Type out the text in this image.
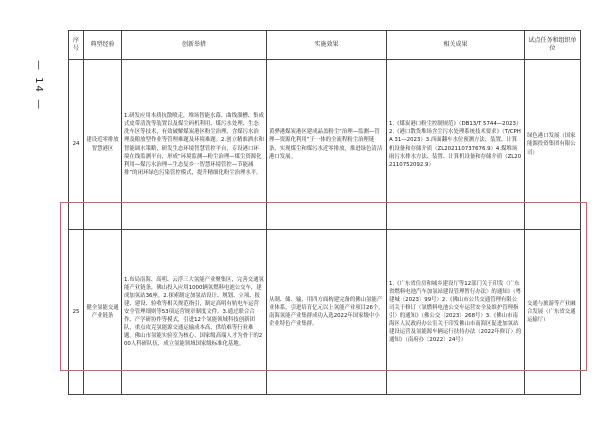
— 14 —
序号	典型经验	创新举措	实施效果	相关成果	试点任务和组织单位
24	建设近零排放智慧港区	1.研发应用本质抗散喷走，堆场智能水幕、曲线溜槽、集成式皮带清洗等装置以及煤尘码机利用、煤污水处理、生态洗车区等技术，有效破解煤炭港区粉尘治理、含煤污水治理及粮放型作业等管理难题及环境难题。2.创立精准洒水和智能调水策略，研发生态环境智慧管控平台，专设港口环境在线监测平台，形成“环境监测—粉尘治理—煤尘资源化利用—煤污水治理—生态复乡一智慧环境管控—节能减排”的闭环绿色污染管控模式，提升精细化粉尘治理水平。	黄骅港煤炭港区建成晶盖粉尘“治理—监测—管理—资源化利用”于一体的全流程粉尘治理链条，实现煤尘和煤污水近零排放，推进绿色清洁港口发展。	1.《煤炭港口粉尘控制规范》（DB13/T 5744—2023）2.《港口散货堆场含尘污水处理系统技术要求》（T/CPHA 31—2023）3.西面翻车水位预测方法、装置、计算机设备和存储介质（ZL202110737676.9）4.煤堆场雨污水排水方法、装置、计算机设备和存储介质（ZL202110752092.9）	绿色港口发展（国家能源投资集团有限公司）
25	健全氢能交通产业链条	1.布局南海、高明、云浮三大氢能产业聚集区，完善交通氢能产业链条，佛山投入应用1000辆氢燃料电池公交车，建成加氢站36座。2.探索制定加氢站设计、规划、立项、报建、建设、验收等相关规范指引，制定高明有轨电车运营安全管理细则等53项运营规章制度文件。3.通过联合合作、产学研协作等模式，引进12个氢能领域科技创新团队，重点攻克氢能源交通运输成本高、供给难等行业难题。佛山市氢能实验室为核心、国家级高端人才为骨干的200人科研队伍，成立氢能领域国家级标准化基地。	从制、储、输、用四方面构建完备的佛山氢能产业体系，引进培育亿元以上氢能产业项目26个，南海氢能产业集群成功入选2022年国家级中小企业特色产业集群。	1.《广东省住房和城乡建设厅等12部门关于印发〈广东省燃料电池汽车加氢站建设管理暂行办法〉的通知》（粤建城〔2023〕99号）2.《佛山市公共交通管理有限公司关于修订〈氢燃料电池公交车运营安全及维护管理指引〉的通知》（佛公交〔2023〕268号）3.《佛山市南海区人民政府办公室关于印发佛山市南海区促进加氢站建设运营及氢能源车辆运行扶持办法（2022年修订）的通知》（南府办〔2022〕24号）	交通与旅游等产业融合发展（广东省交通运输厅）
